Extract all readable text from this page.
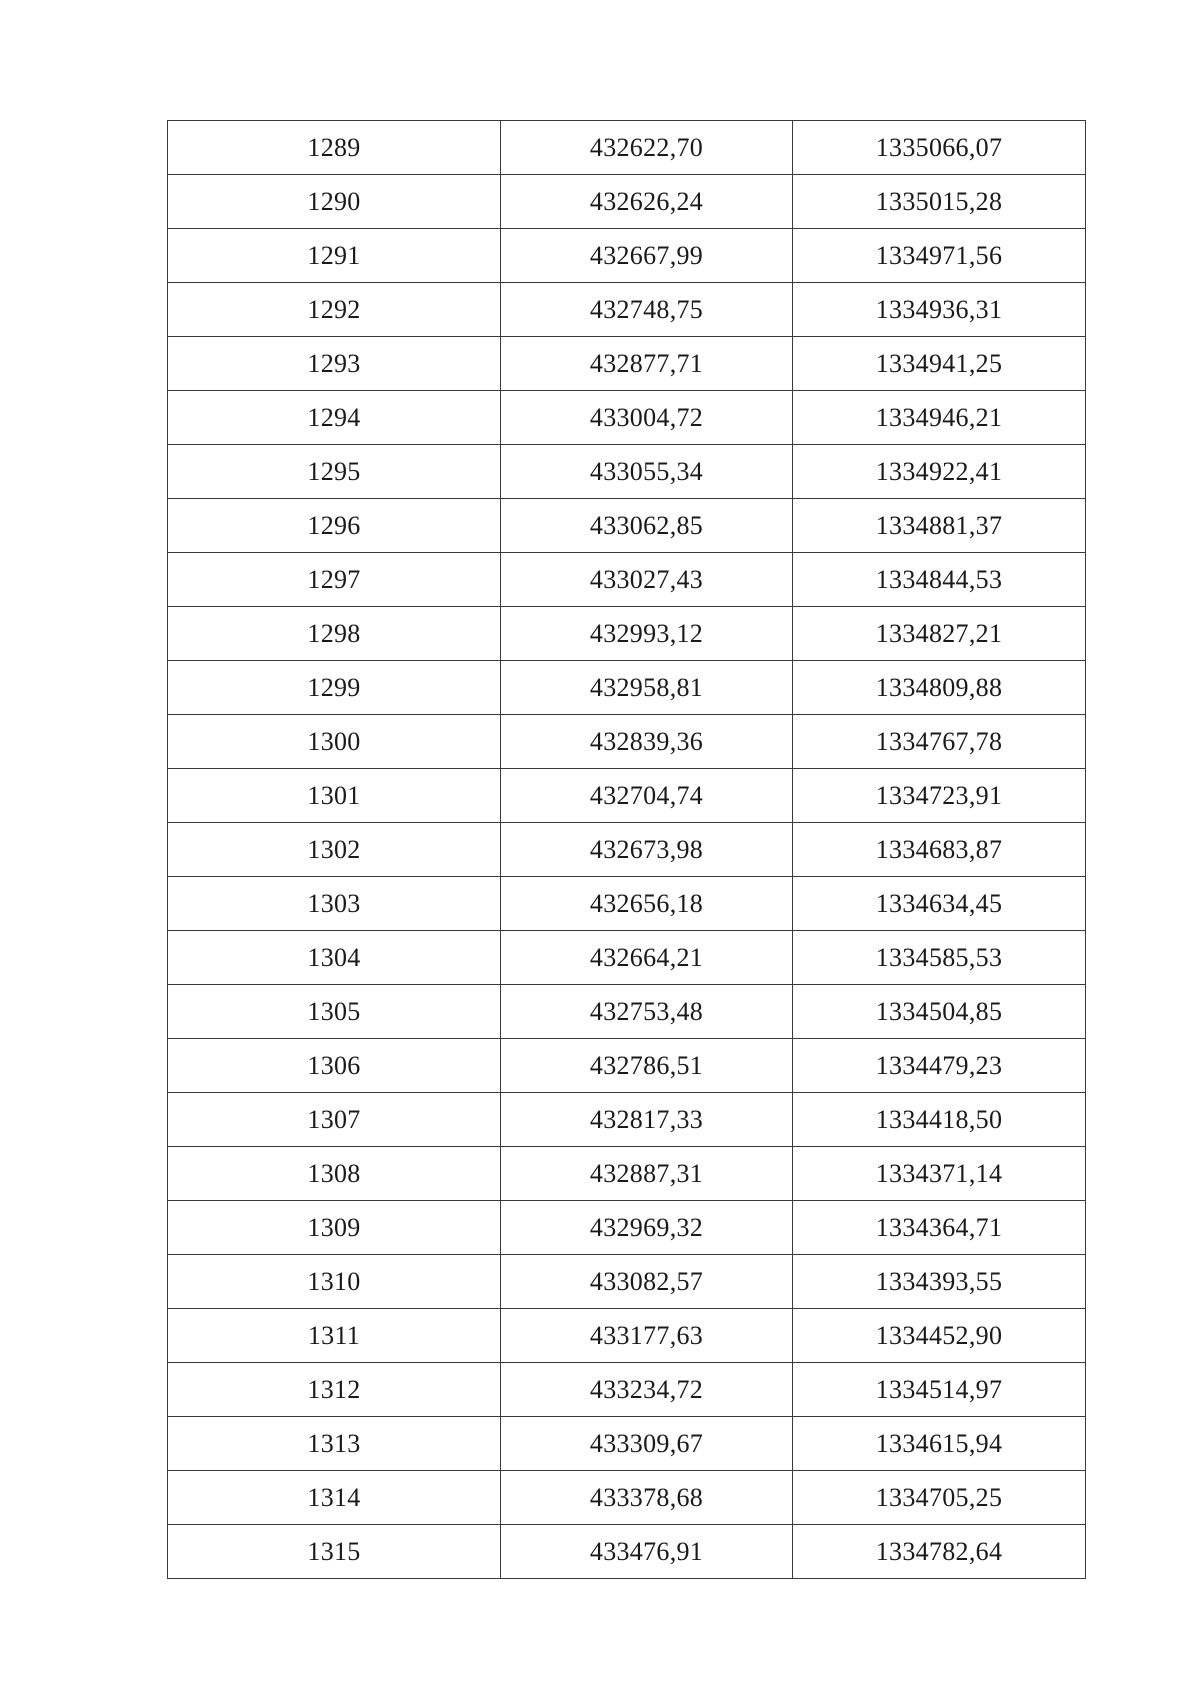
1289	432622,70	1335066,07
1290	432626,24	1335015,28
1291	432667,99	1334971,56
1292	432748,75	1334936,31
1293	432877,71	1334941,25
1294	433004,72	1334946,21
1295	433055,34	1334922,41
1296	433062,85	1334881,37
1297	433027,43	1334844,53
1298	432993,12	1334827,21
1299	432958,81	1334809,88
1300	432839,36	1334767,78
1301	432704,74	1334723,91
1302	432673,98	1334683,87
1303	432656,18	1334634,45
1304	432664,21	1334585,53
1305	432753,48	1334504,85
1306	432786,51	1334479,23
1307	432817,33	1334418,50
1308	432887,31	1334371,14
1309	432969,32	1334364,71
1310	433082,57	1334393,55
1311	433177,63	1334452,90
1312	433234,72	1334514,97
1313	433309,67	1334615,94
1314	433378,68	1334705,25
1315	433476,91	1334782,64
